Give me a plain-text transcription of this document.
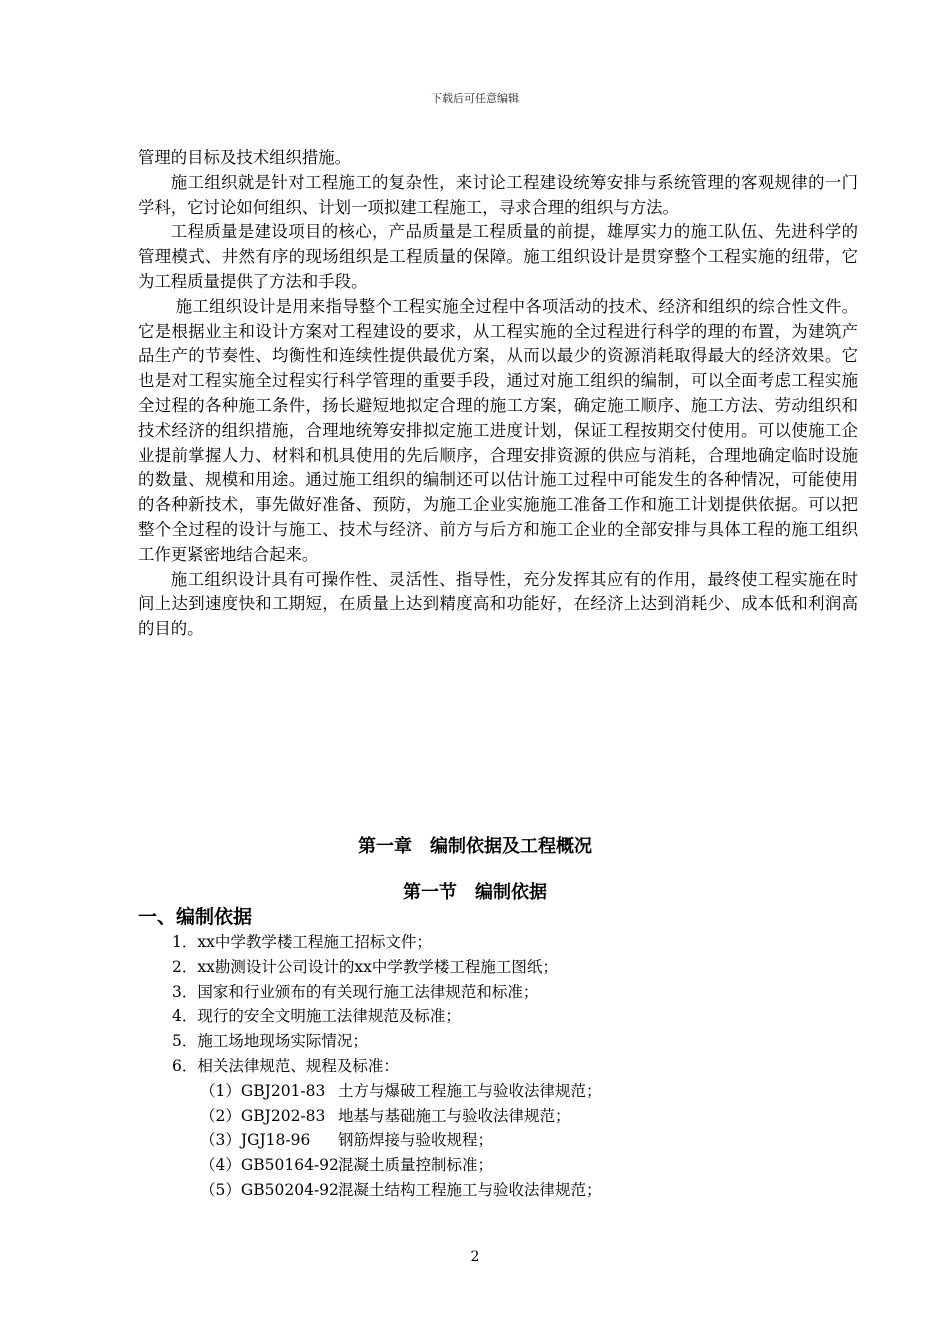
下载后可任意编辑

管理的目标及技术组织措施。

施工组织就是针对工程施工的复杂性，来讨论工程建设统筹安排与系统管理的客观规律的一门学科，它讨论如何组织、计划一项拟建工程施工，寻求合理的组织与方法。

工程质量是建设项目的核心，产品质量是工程质量的前提，雄厚实力的施工队伍、先进科学的管理模式、井然有序的现场组织是工程质量的保障。施工组织设计是贯穿整个工程实施的纽带，它为工程质量提供了方法和手段。

施工组织设计是用来指导整个工程实施全过程中各项活动的技术、经济和组织的综合性文件。它是根据业主和设计方案对工程建设的要求，从工程实施的全过程进行科学的理的布置，为建筑产品生产的节奏性、均衡性和连续性提供最优方案，从而以最少的资源消耗取得最大的经济效果。它也是对工程实施全过程实行科学管理的重要手段，通过对施工组织的编制，可以全面考虑工程实施全过程的各种施工条件，扬长避短地拟定合理的施工方案，确定施工顺序、施工方法、劳动组织和技术经济的组织措施，合理地统筹安排拟定施工进度计划，保证工程按期交付使用。可以使施工企业提前掌握人力、材料和机具使用的先后顺序，合理安排资源的供应与消耗，合理地确定临时设施的数量、规模和用途。通过施工组织的编制还可以估计施工过程中可能发生的各种情况，可能使用的各种新技术，事先做好准备、预防，为施工企业实施施工准备工作和施工计划提供依据。可以把整个全过程的设计与施工、技术与经济、前方与后方和施工企业的全部安排与具体工程的施工组织工作更紧密地结合起来。

施工组织设计具有可操作性、灵活性、指导性，充分发挥其应有的作用，最终使工程实施在时间上达到速度快和工期短，在质量上达到精度高和功能好，在经济上达到消耗少、成本低和利润高的目的。

第一章　编制依据及工程概况
第一节　编制依据
一、编制依据
1．xx中学教学楼工程施工招标文件；
2．xx勘测设计公司设计的xx中学教学楼工程施工图纸；
3．国家和行业颁布的有关现行施工法律规范和标准；
4．现行的安全文明施工法律规范及标准；
5．施工场地现场实际情况；
6．相关法律规范、规程及标准：
（1）GBJ201-83 土方与爆破工程施工与验收法律规范；
（2）GBJ202-83 地基与基础施工与验收法律规范；
（3）JGJ18-96 钢筋焊接与验收规程；
（4）GB50164-92混凝土质量控制标准；
（5）GB50204-92混凝土结构工程施工与验收法律规范；
2
